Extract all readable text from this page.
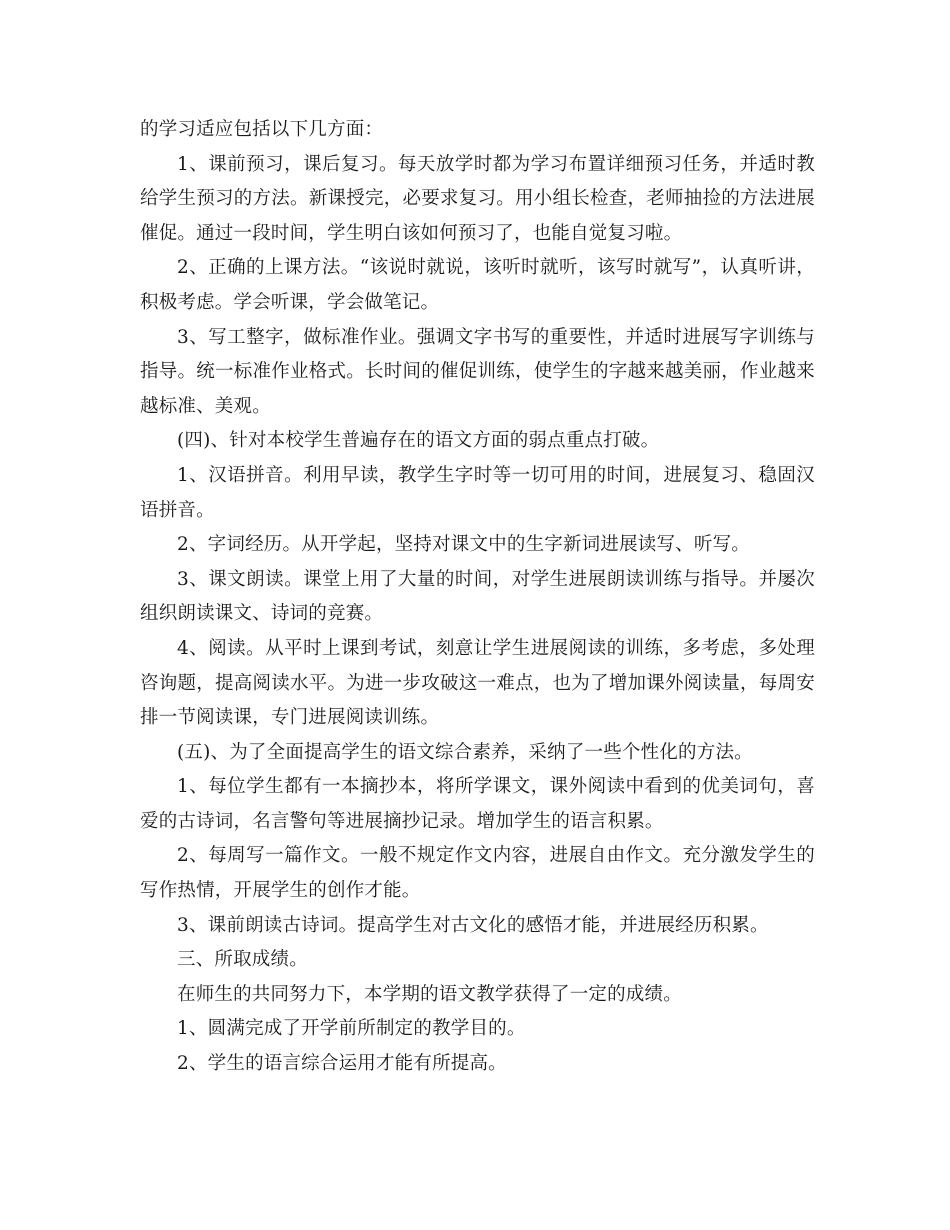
的学习适应包括以下几方面：

1、课前预习，课后复习。每天放学时都为学习布置详细预习任务，并适时教给学生预习的方法。新课授完，必要求复习。用小组长检查，老师抽捡的方法进展催促。通过一段时间，学生明白该如何预习了，也能自觉复习啦。

2、正确的上课方法。“该说时就说，该听时就听，该写时就写”，认真听讲，积极考虑。学会听课，学会做笔记。

3、写工整字，做标准作业。强调文字书写的重要性，并适时进展写字训练与指导。统一标准作业格式。长时间的催促训练，使学生的字越来越美丽，作业越来越标准、美观。

(四)、针对本校学生普遍存在的语文方面的弱点重点打破。

1、汉语拼音。利用早读，教学生字时等一切可用的时间，进展复习、稳固汉语拼音。

2、字词经历。从开学起，坚持对课文中的生字新词进展读写、听写。

3、课文朗读。课堂上用了大量的时间，对学生进展朗读训练与指导。并屡次组织朗读课文、诗词的竞赛。

4、阅读。从平时上课到考试，刻意让学生进展阅读的训练，多考虑，多处理咨询题，提高阅读水平。为进一步攻破这一难点，也为了增加课外阅读量，每周安排一节阅读课，专门进展阅读训练。

(五)、为了全面提高学生的语文综合素养，采纳了一些个性化的方法。

1、每位学生都有一本摘抄本，将所学课文，课外阅读中看到的优美词句，喜爱的古诗词，名言警句等进展摘抄记录。增加学生的语言积累。

2、每周写一篇作文。一般不规定作文内容，进展自由作文。充分激发学生的写作热情，开展学生的创作才能。

3、课前朗读古诗词。提高学生对古文化的感悟才能，并进展经历积累。

三、所取成绩。

在师生的共同努力下，本学期的语文教学获得了一定的成绩。

1、圆满完成了开学前所制定的教学目的。

2、学生的语言综合运用才能有所提高。
